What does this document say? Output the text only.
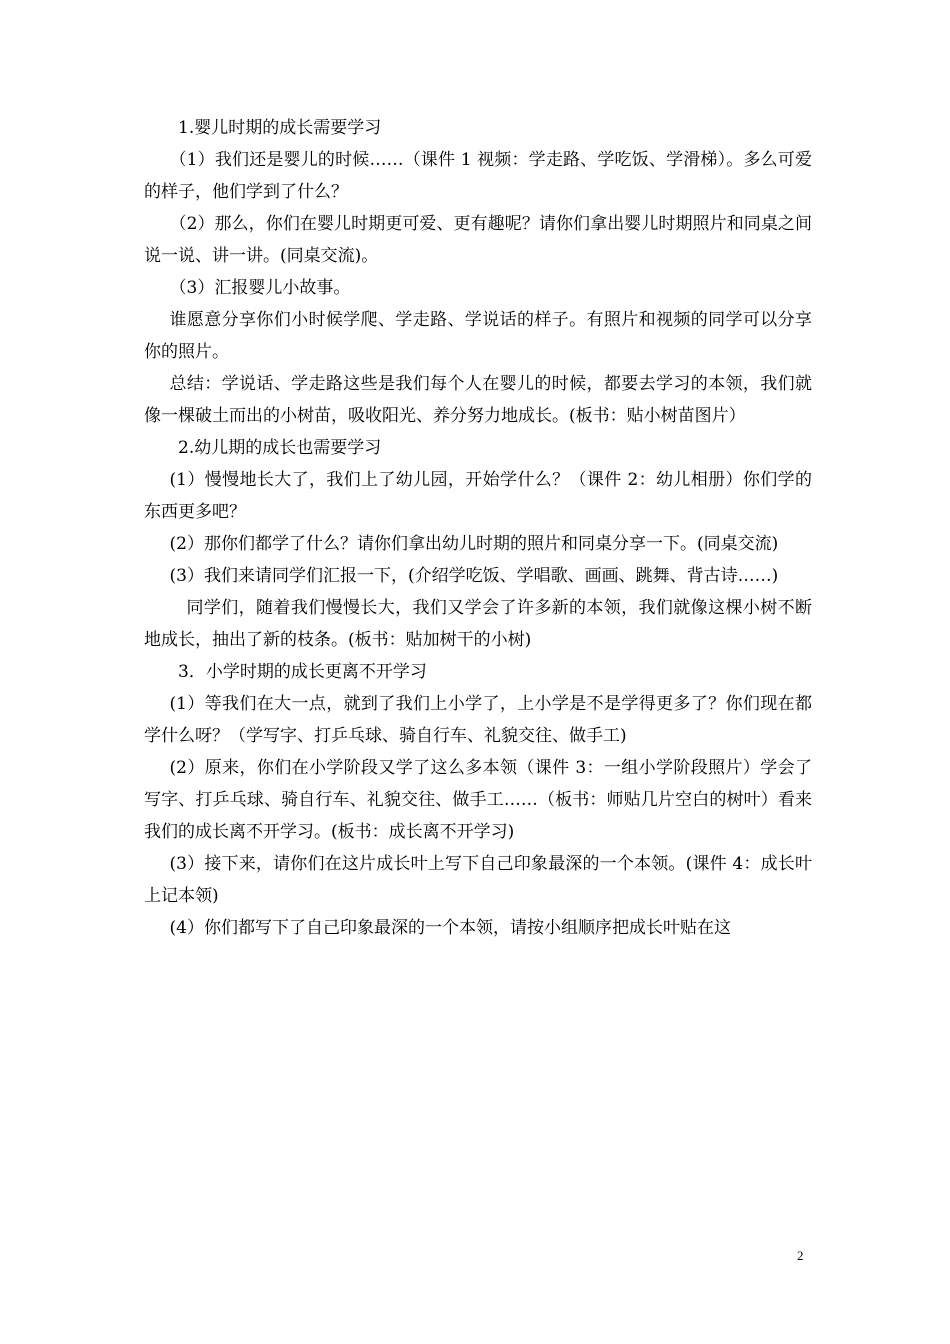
1.婴儿时期的成长需要学习

（1）我们还是婴儿的时候……（课件 1 视频：学走路、学吃饭、学滑梯）。多么可爱的样子，他们学到了什么？

（2）那么，你们在婴儿时期更可爱、更有趣呢？请你们拿出婴儿时期照片和同桌之间说一说、讲一讲。(同桌交流)。

（3）汇报婴儿小故事。

谁愿意分享你们小时候学爬、学走路、学说话的样子。有照片和视频的同学可以分享你的照片。

总结：学说话、学走路这些是我们每个人在婴儿的时候，都要去学习的本领，我们就像一棵破土而出的小树苗，吸收阳光、养分努力地成长。(板书：贴小树苗图片）

2.幼儿期的成长也需要学习

(1）慢慢地长大了，我们上了幼儿园，开始学什么？（课件 2：幼儿相册）你们学的东西更多吧？

(2）那你们都学了什么？请你们拿出幼儿时期的照片和同桌分享一下。(同桌交流)

(3）我们来请同学们汇报一下，(介绍学吃饭、学唱歌、画画、跳舞、背古诗……)

同学们，随着我们慢慢长大，我们又学会了许多新的本领，我们就像这棵小树不断地成长，抽出了新的枝条。(板书：贴加树干的小树)

3．小学时期的成长更离不开学习

(1）等我们在大一点，就到了我们上小学了，上小学是不是学得更多了？你们现在都学什么呀？（学写字、打乒乓球、骑自行车、礼貌交往、做手工)

(2）原来，你们在小学阶段又学了这么多本领（课件 3：一组小学阶段照片）学会了写字、打乒乓球、骑自行车、礼貌交往、做手工……（板书：师贴几片空白的树叶）看来我们的成长离不开学习。(板书：成长离不开学习)

(3）接下来，请你们在这片成长叶上写下自己印象最深的一个本领。(课件 4：成长叶上记本领)

(4）你们都写下了自己印象最深的一个本领，请按小组顺序把成长叶贴在这

2
